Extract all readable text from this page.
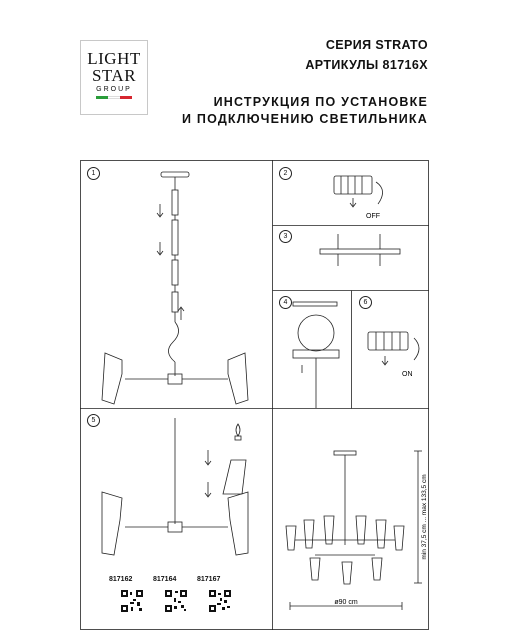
LIGHT
STAR
GROUP
СЕРИЯ STRATO
АРТИКУЛЫ 81716X
ИНСТРУКЦИЯ ПО УСТАНОВКЕ
И ПОДКЛЮЧЕНИЮ СВЕТИЛЬНИКА
ø90 cm
min 37,5 cm ... max 133,5 cm
OFF
ON
1	2
3
4
5
6
817162	817164	817167
